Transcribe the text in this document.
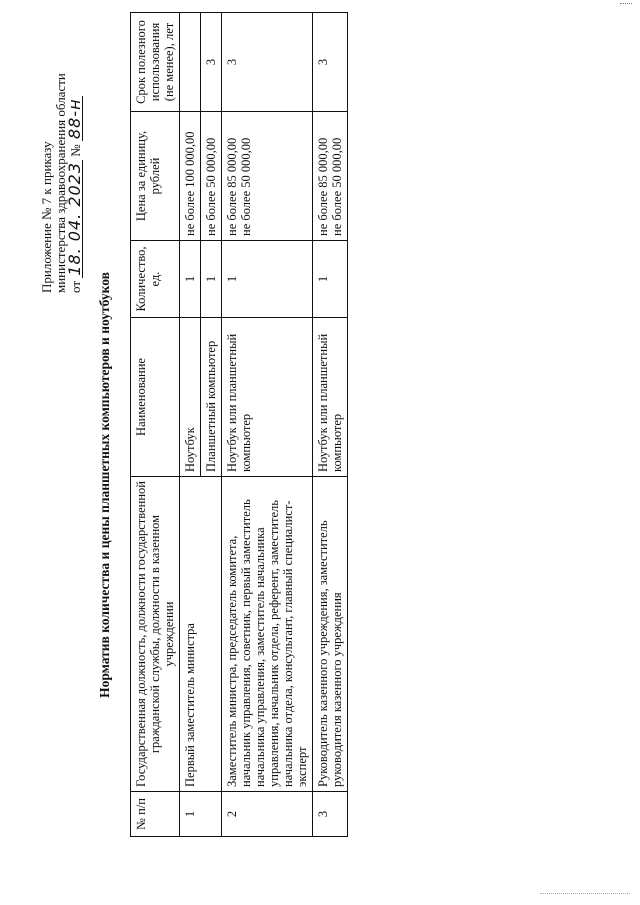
Приложение № 7 к приказу министерства здравоохранения области от 18. 04. 2023 № 88-н
Норматив количества и цены планшетных компьютеров и ноутбуков
№ п/п	Государственная должность, должности государственной гражданской службы, должности в казенном учреждении	Наименование	Количество, ед.	Цена за единицу, рублей	Срок полезного использования (не менее), лет
1	Первый заместитель министра	Ноутбук	1	не более 100 000,00	
		Планшетный компьютер	1	не более 50 000,00	3
2	Заместитель министра, председатель комитета, начальник управления, советник, первый заместитель начальника управления, заместитель начальника управления, начальник отдела, референт, заместитель начальника отдела, консультант, главный специалист-эксперт	Ноутбук или планшетный компьютер	1	не более 85 000,00 не более 50 000,00	3
3	Руководитель казенного учреждения, заместитель руководителя казенного учреждения	Ноутбук или планшетный компьютер	1	не более 85 000,00 не более 50 000,00	3
